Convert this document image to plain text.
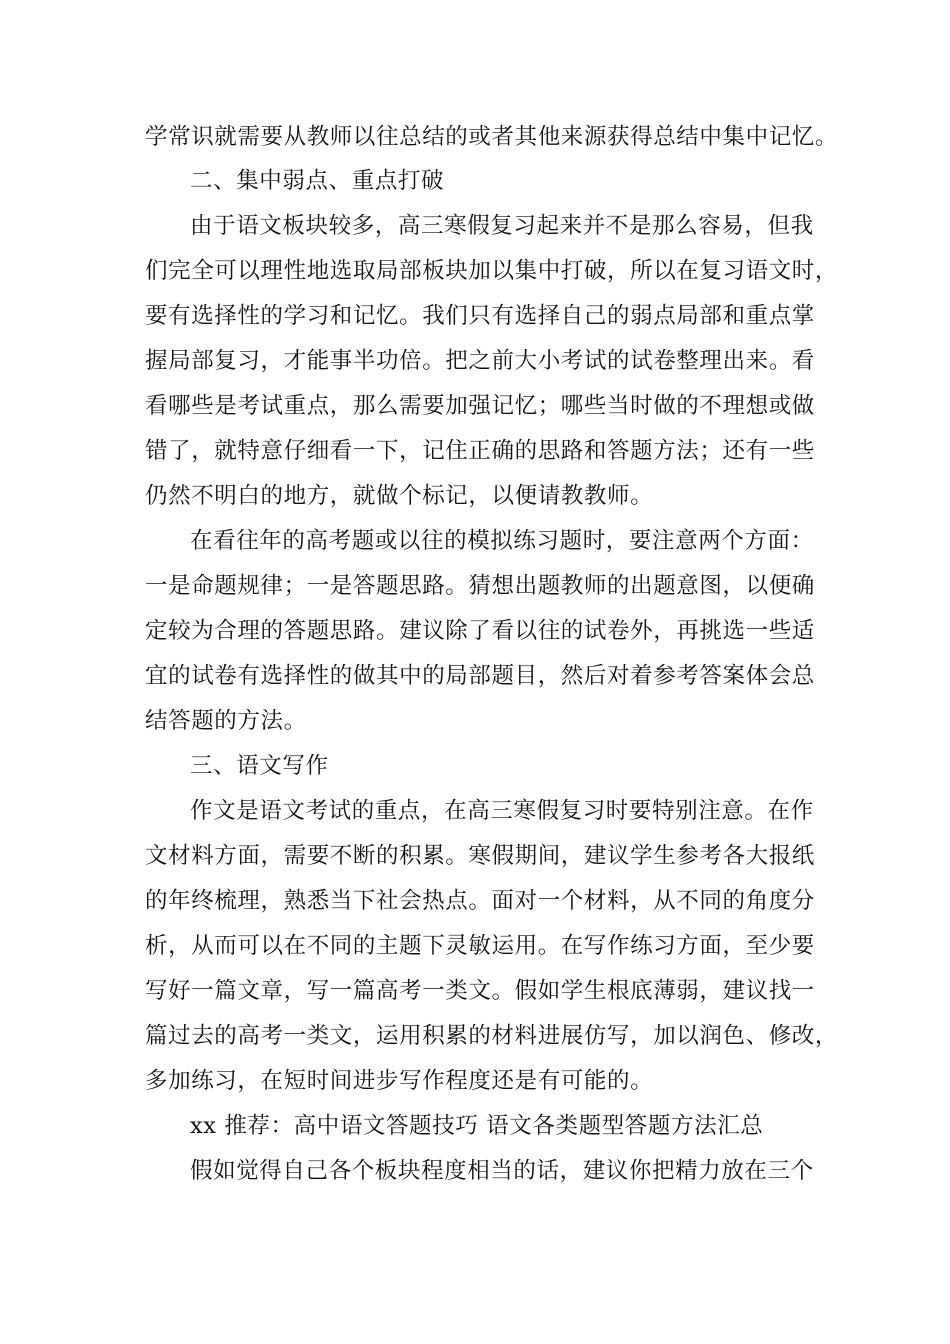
学常识就需要从教师以往总结的或者其他来源获得总结中集中记忆。
二、集中弱点、重点打破
由于语文板块较多，高三寒假复习起来并不是那么容易，但我
们完全可以理性地选取局部板块加以集中打破，所以在复习语文时，
要有选择性的学习和记忆。我们只有选择自己的弱点局部和重点掌
握局部复习，才能事半功倍。把之前大小考试的试卷整理出来。看
看哪些是考试重点，那么需要加强记忆；哪些当时做的不理想或做
错了，就特意仔细看一下，记住正确的思路和答题方法；还有一些
仍然不明白的地方，就做个标记，以便请教教师。
在看往年的高考题或以往的模拟练习题时，要注意两个方面：
一是命题规律；一是答题思路。猜想出题教师的出题意图，以便确
定较为合理的答题思路。建议除了看以往的试卷外，再挑选一些适
宜的试卷有选择性的做其中的局部题目，然后对着参考答案体会总
结答题的方法。
三、语文写作
作文是语文考试的重点，在高三寒假复习时要特别注意。在作
文材料方面，需要不断的积累。寒假期间，建议学生参考各大报纸
的年终梳理，熟悉当下社会热点。面对一个材料，从不同的角度分
析，从而可以在不同的主题下灵敏运用。在写作练习方面，至少要
写好一篇文章，写一篇高考一类文。假如学生根底薄弱，建议找一
篇过去的高考一类文，运用积累的材料进展仿写，加以润色、修改，
多加练习，在短时间进步写作程度还是有可能的。
xx 推荐：高中语文答题技巧 语文各类题型答题方法汇总
假如觉得自己各个板块程度相当的话，建议你把精力放在三个
